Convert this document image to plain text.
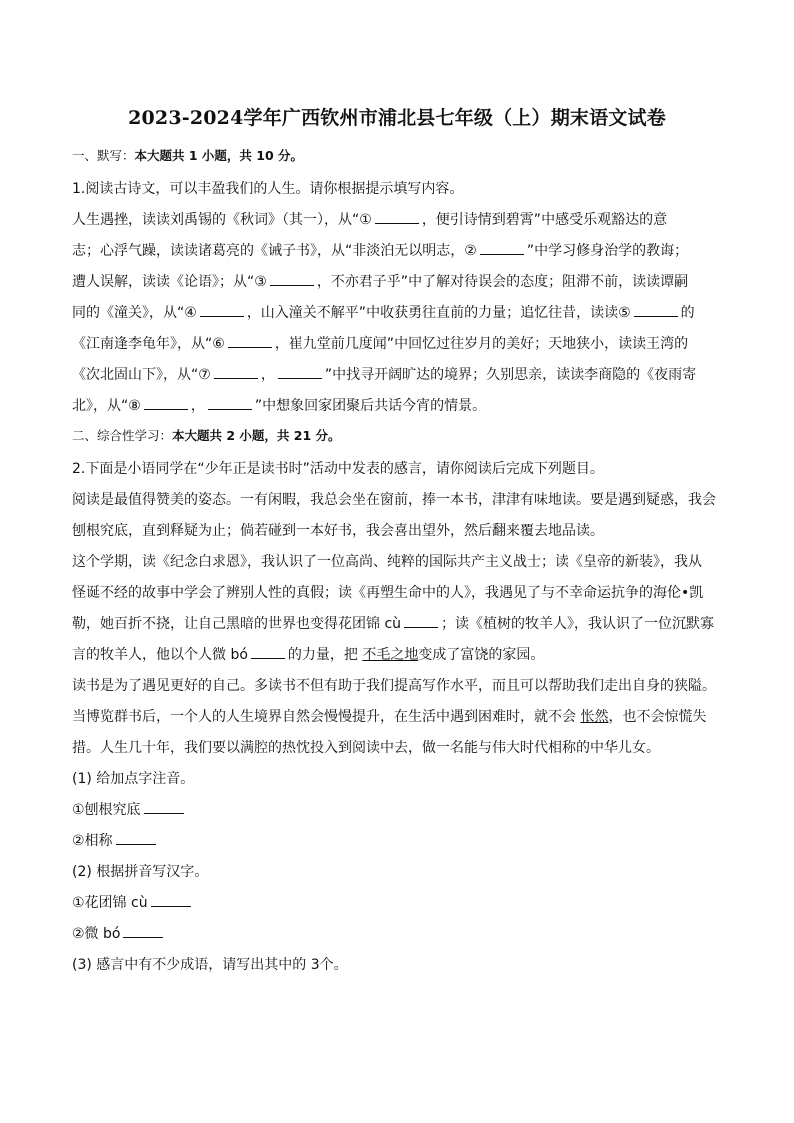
2023-2024学年广西钦州市浦北县七年级（上）期末语文试卷
一、默写：本大题共 1 小题，共 10 分。

1.阅读古诗文，可以丰盈我们的人生。请你根据提示填写内容。

人生遇挫，读读刘禹锡的《秋词》（其一），从“①	，便引诗情到碧霄”中感受乐观豁达的意

志；心浮气躁，读读诸葛亮的《诫子书》，从“非淡泊无以明志，②	”中学习修身治学的教诲；

遭人误解，读读《论语》；从“③	，不亦君子乎”中了解对待误会的态度；阻滞不前，读读谭嗣

同的《潼关》，从“④	，山入潼关不解平”中收获勇往直前的力量；追忆往昔，读读⑤	的

《江南逢李龟年》，从“⑥	，崔九堂前几度闻”中回忆过往岁月的美好；天地狭小，读读王湾的

《次北固山下》，从“⑦	，	”中找寻开阔旷达的境界；久别思亲，读读李商隐的《夜雨寄

北》，从“⑧	，	”中想象回家团聚后共话今宵的情景。

二、综合性学习：本大题共 2 小题，共 21 分。

2.下面是小语同学在“少年正是读书时”活动中发表的感言，请你阅读后完成下列题目。

阅读是最值得赞美的姿态。一有闲暇，我总会坐在窗前，捧一本书，津津有味地读。要是遇到疑惑，我会

刨根究底，直到释疑为止；倘若碰到一本好书，我会喜出望外，然后翻来覆去地品读。

这个学期，读《纪念白求恩》，我认识了一位高尚、纯粹的国际共产主义战士；读《皇帝的新装》，我从

怪诞不经的故事中学会了辨别人性的真假；读《再塑生命中的人》，我遇见了与不幸命运抗争的海伦•凯

勒，她百折不挠，让自己黑暗的世界也变得花团锦 cù	；读《植树的牧羊人》，我认识了一位沉默寡

言的牧羊人，他以个人微 bó	的力量，把 不毛之地变成了富饶的家园。

读书是为了遇见更好的自己。多读书不但有助于我们提高写作水平，而且可以帮助我们走出自身的狭隘。

当博览群书后，一个人的人生境界自然会慢慢提升，在生活中遇到困难时，就不会 怅然，也不会惊慌失

措。人生几十年，我们要以满腔的热忱投入到阅读中去，做一名能与伟大时代相称的中华儿女。

(1) 给加点字注音。

①刨根究底

②相称

(2) 根据拼音写汉字。

①花团锦 cù

②微 bó

(3) 感言中有不少成语，请写出其中的 3个。
